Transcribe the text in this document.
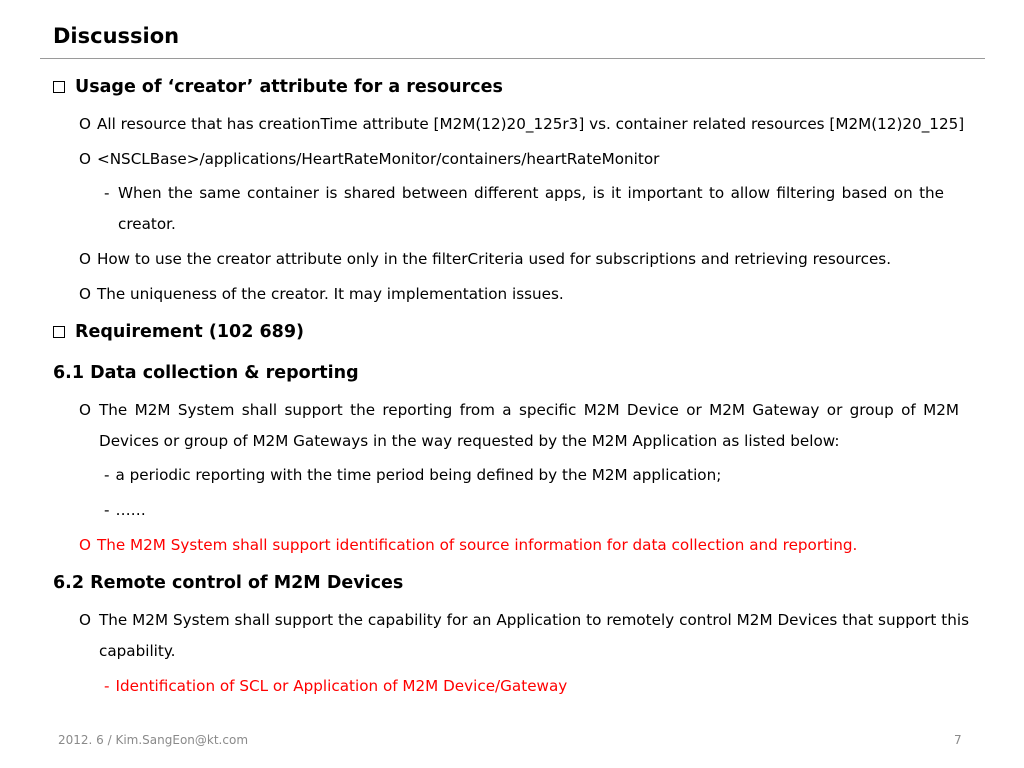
Discussion
Usage of ‘creator’ attribute for a resources
O All resource that has creationTime attribute [M2M(12)20_125r3] vs. container related resources [M2M(12)20_125]
O <NSCLBase>/applications/HeartRateMonitor/containers/heartRateMonitor
- When the same container is shared between different apps, is it important to allow filtering based on the creator.
O How to use the creator attribute only in the filterCriteria used for subscriptions and retrieving resources.
O The uniqueness of the creator. It may implementation issues.
Requirement (102 689)
6.1 Data collection & reporting
O The M2M System shall support the reporting from a specific M2M Device or M2M Gateway or group of M2M Devices or group of M2M Gateways in the way requested by the M2M Application as listed below:
- a periodic reporting with the time period being defined by the M2M application;
- ……
O The M2M System shall support identification of source information for data collection and reporting.
6.2 Remote control of M2M Devices
O The M2M System shall support the capability for an Application to remotely control M2M Devices that support this capability.
- Identification of SCL or Application of M2M Device/Gateway
2012. 6 / Kim.SangEon@kt.com	7
